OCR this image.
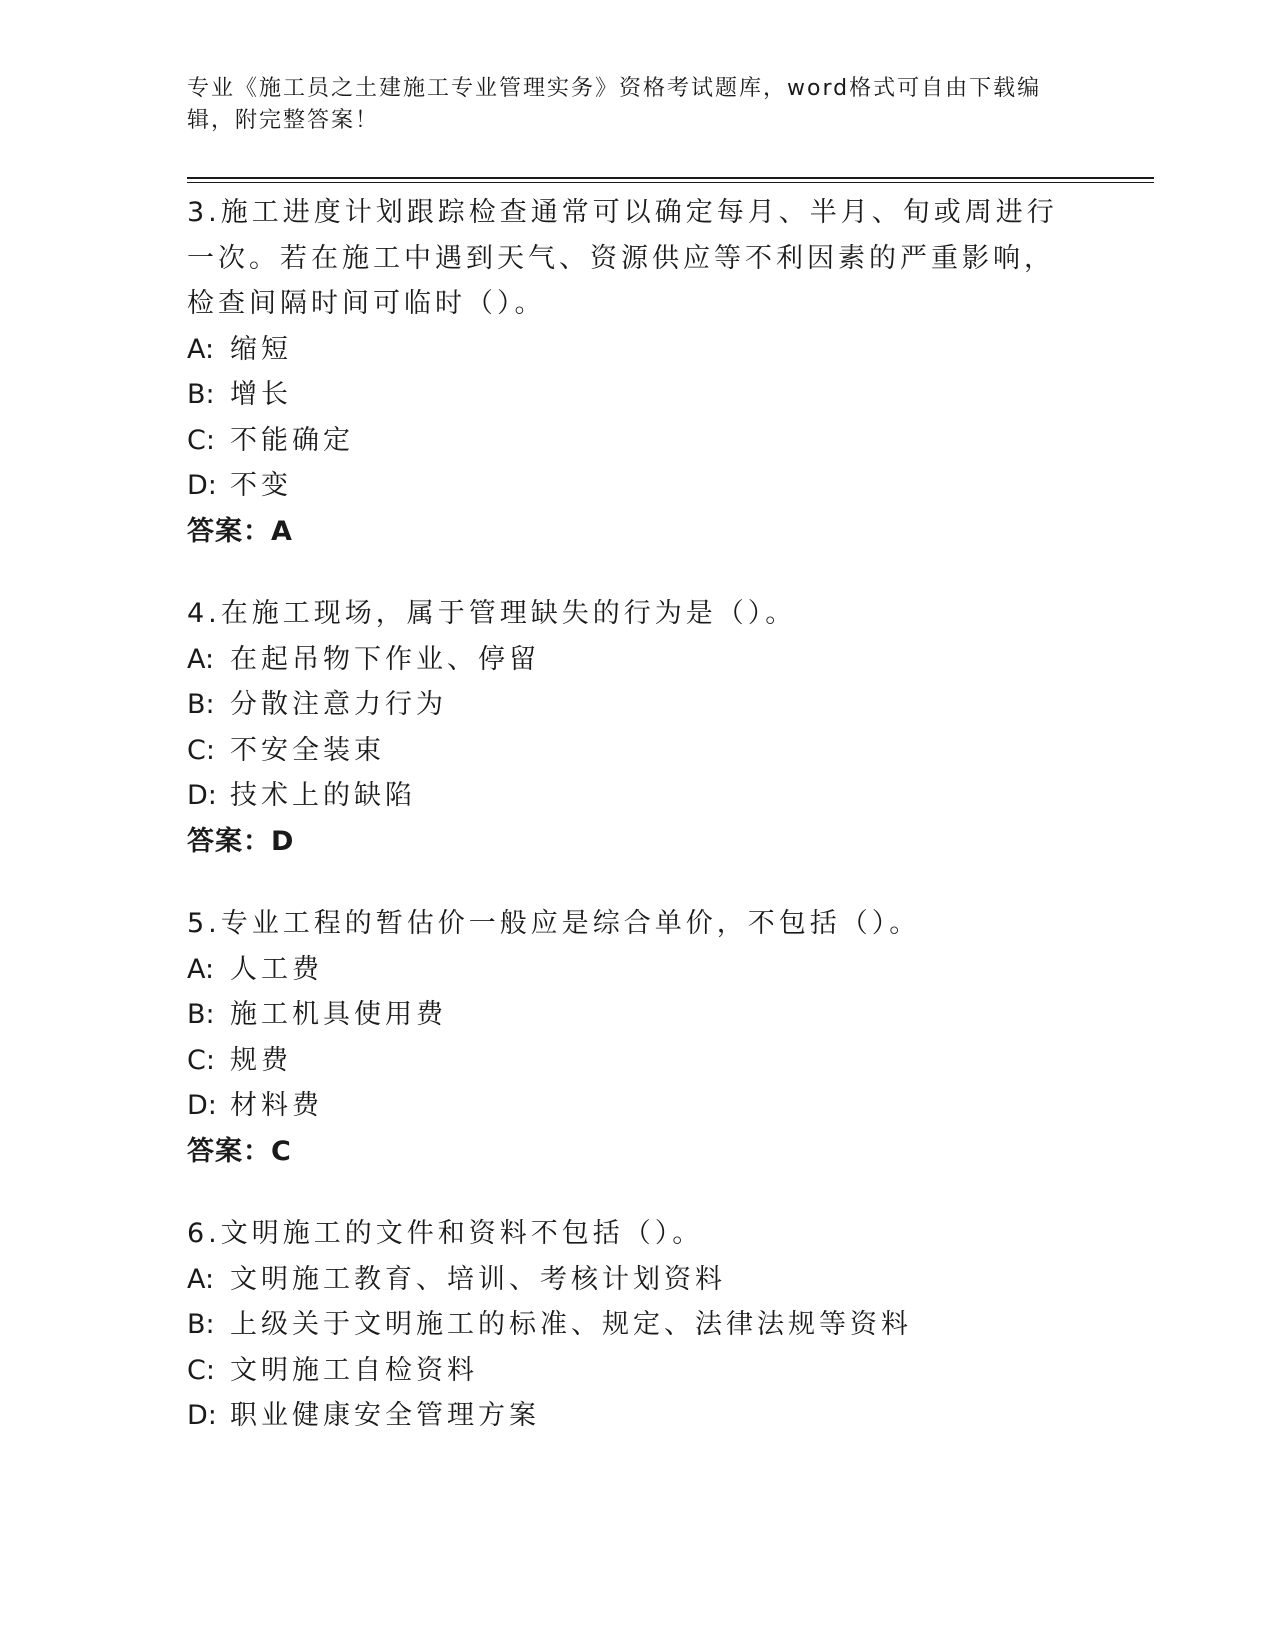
专业《施工员之土建施工专业管理实务》资格考试题库，word格式可自由下载编辑，附完整答案！

3.施工进度计划跟踪检查通常可以确定每月、半月、旬或周进行一次。若在施工中遇到天气、资源供应等不利因素的严重影响，检查间隔时间可临时（）。

A: 缩短

B: 增长

C: 不能确定

D: 不变

答案：A

4.在施工现场，属于管理缺失的行为是（）。

A: 在起吊物下作业、停留

B: 分散注意力行为

C: 不安全装束

D: 技术上的缺陷

答案：D

5.专业工程的暂估价一般应是综合单价，不包括（）。

A: 人工费

B: 施工机具使用费

C: 规费

D: 材料费

答案：C

6.文明施工的文件和资料不包括（）。

A: 文明施工教育、培训、考核计划资料

B: 上级关于文明施工的标准、规定、法律法规等资料

C: 文明施工自检资料

D: 职业健康安全管理方案
